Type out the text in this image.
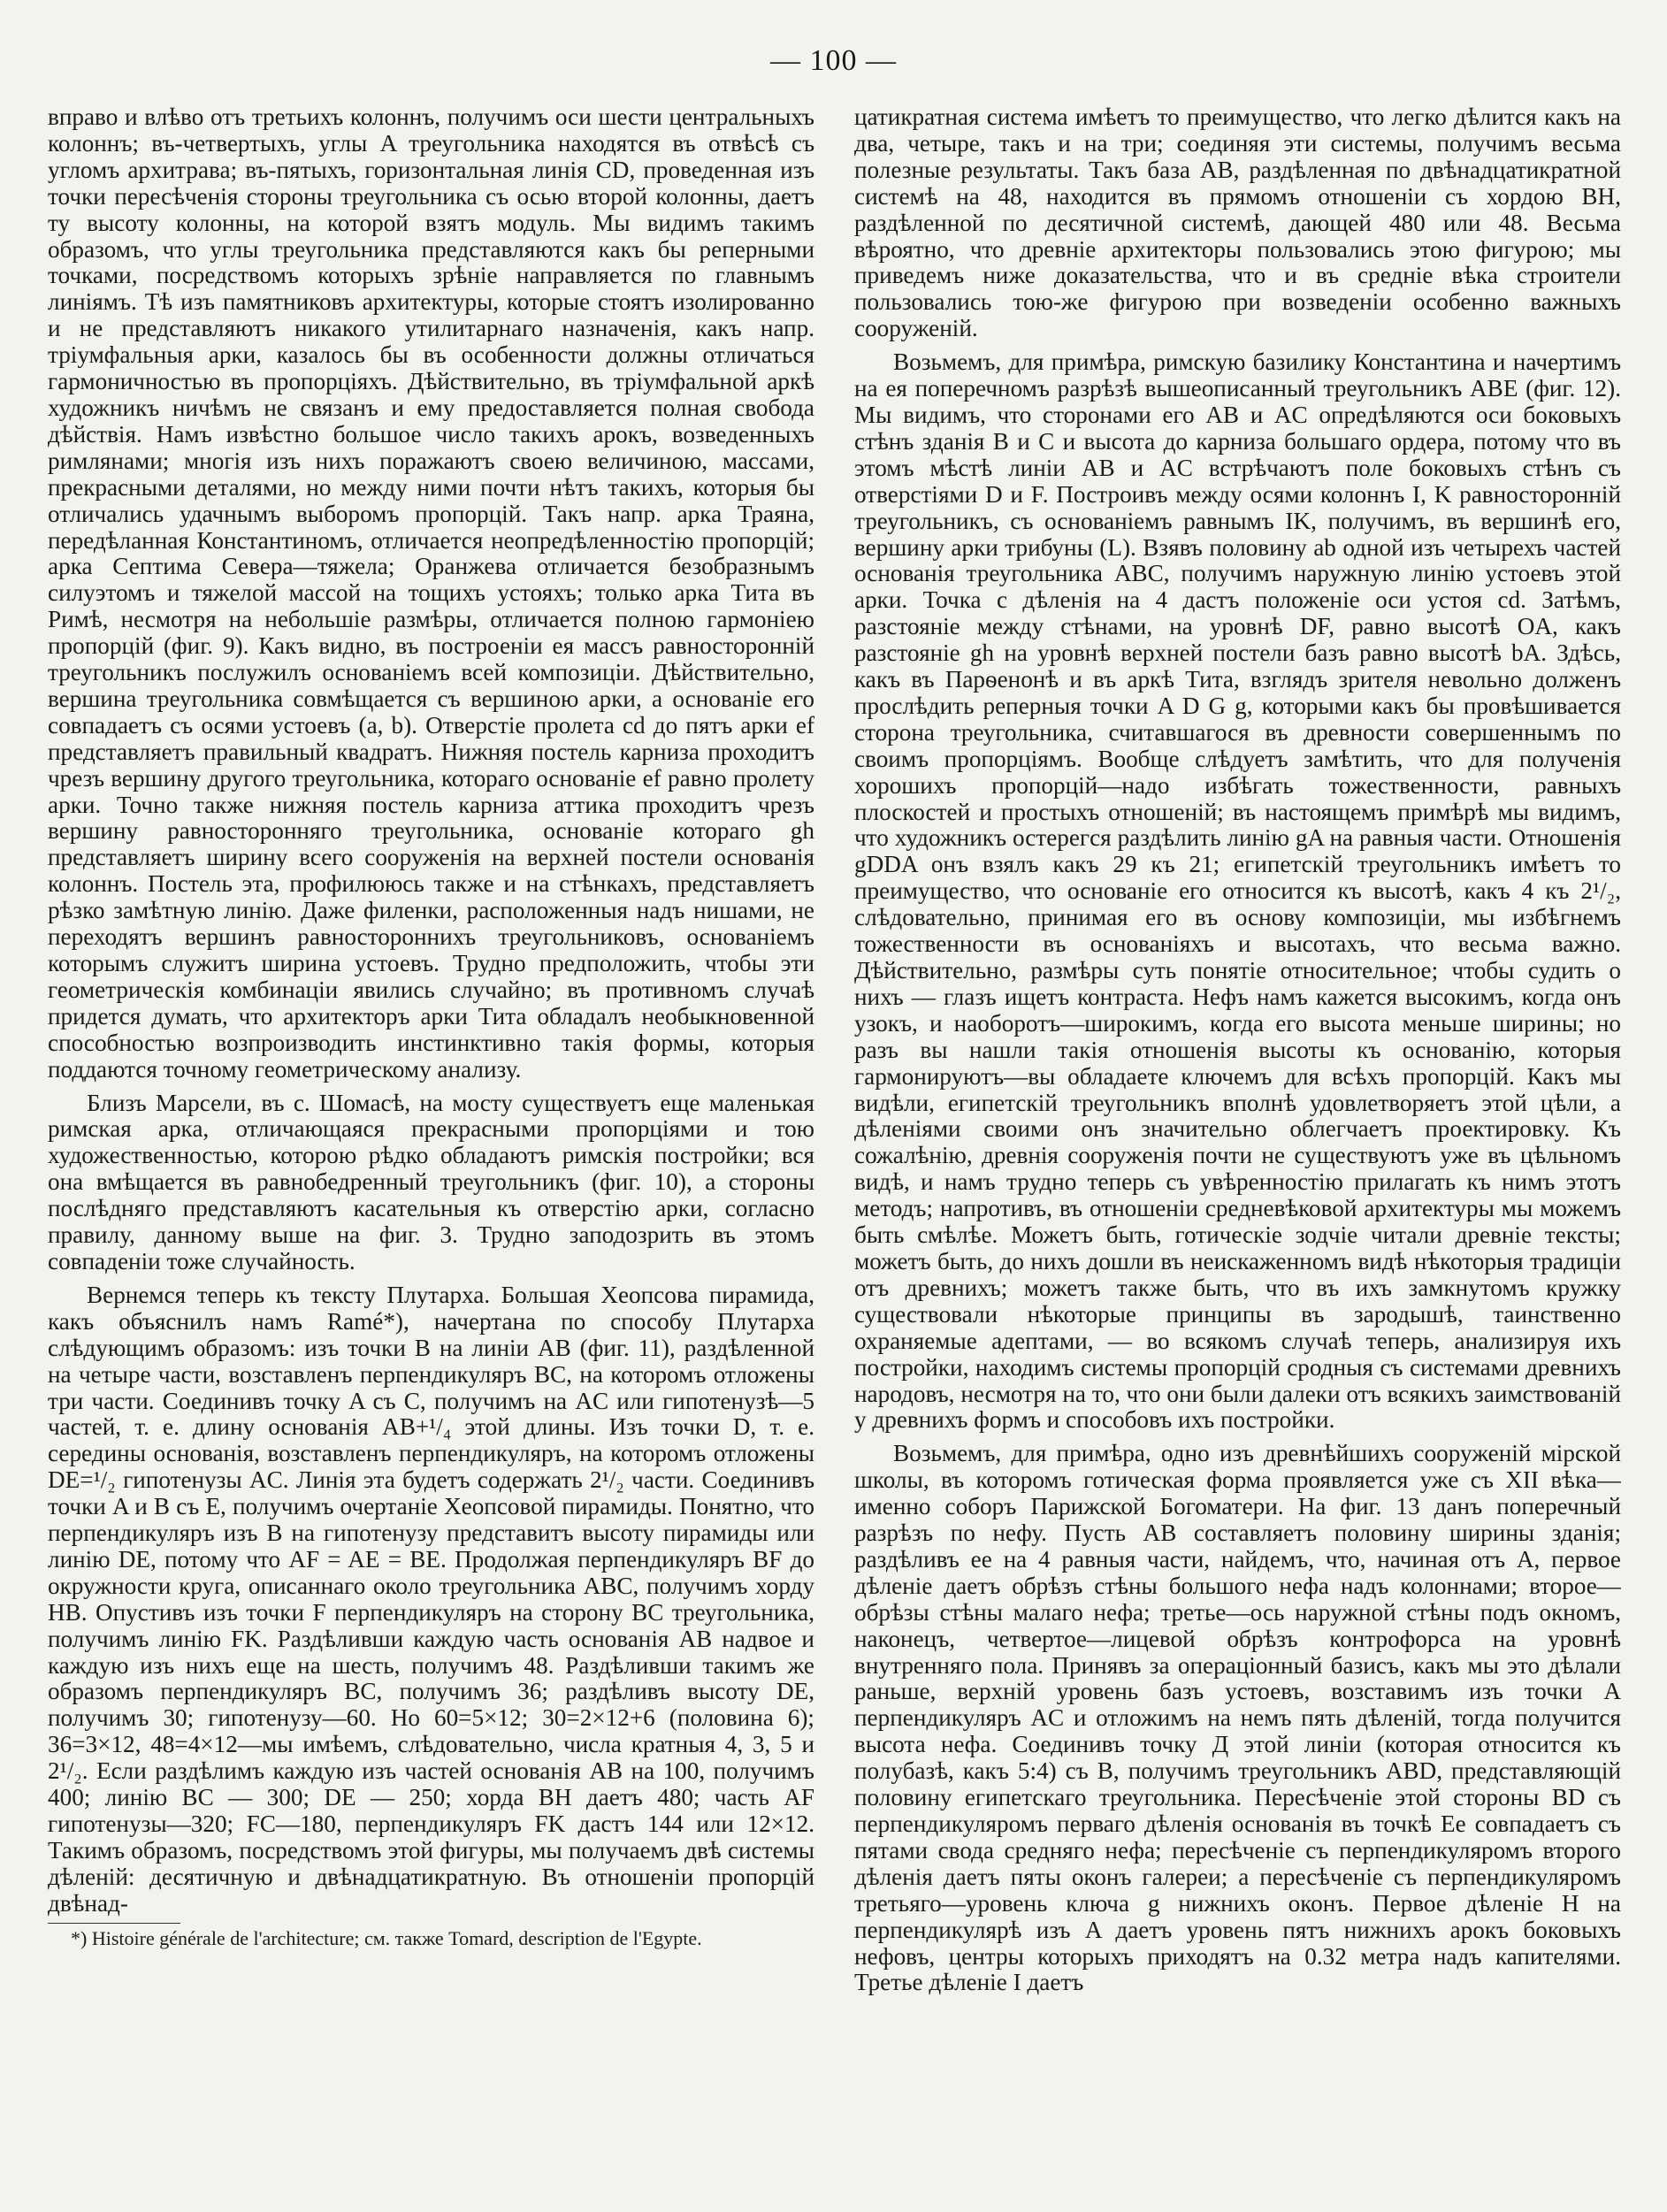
— 100 —

вправо и влѣво отъ третьихъ колоннъ, получимъ оси шести центральныхъ колоннъ; въ-четвертыхъ, углы A треугольника находятся въ отвѣсѣ съ угломъ архитрава; въ-пятыхъ, горизонтальная линія CD, проведенная изъ точки пересѣченія стороны треугольника съ осью второй колонны, даетъ ту высоту колонны, на которой взятъ модуль. Мы видимъ такимъ образомъ, что углы треугольника представляются какъ бы реперными точками, посредствомъ которыхъ зрѣніе направляется по главнымъ линіямъ. Тѣ изъ памятниковъ архитектуры, которые стоятъ изолированно и не представляютъ никакого утилитарнаго назначенія, какъ напр. тріумфальныя арки, казалось бы въ особенности должны отличаться гармоничностью въ пропорціяхъ. Дѣйствительно, въ тріумфальной аркѣ художникъ ничѣмъ не связанъ и ему предоставляется полная свобода дѣйствія. Намъ извѣстно большое число такихъ арокъ, возведенныхъ римлянами; многія изъ нихъ поражаютъ своею величиною, массами, прекрасными деталями, но между ними почти нѣтъ такихъ, которыя бы отличались удачнымъ выборомъ пропорцій. Такъ напр. арка Траяна, передѣланная Константиномъ, отличается неопредѣленностію пропорцій; арка Септима Севера—тяжела; Оранжева отличается безобразнымъ силуэтомъ и тяжелой массой на тощихъ устояхъ; только арка Тита въ Римѣ, несмотря на небольшіе размѣры, отличается полною гармоніею пропорцій (фиг. 9). Какъ видно, въ построеніи ея массъ равносторонній треугольникъ послужилъ основаніемъ всей композиціи. Дѣйствительно, вершина треугольника совмѣщается съ вершиною арки, а основаніе его совпадаетъ съ осями устоевъ (a, b). Отверстіе пролета cd до пятъ арки ef представляетъ правильный квадратъ. Нижняя постель карниза проходитъ чрезъ вершину другого треугольника, котораго основаніе ef равно пролету арки. Точно также нижняя постель карниза аттика проходитъ чрезъ вершину равносторонняго треугольника, основаніе котораго gh представляетъ ширину всего сооруженія на верхней постели основанія колоннъ. Постель эта, профилююсь также и на стѣнкахъ, представляетъ рѣзко замѣтную линію. Даже филенки, расположенныя надъ нишами, не переходятъ вершинъ равностороннихъ треугольниковъ, основаніемъ которымъ служитъ ширина устоевъ. Трудно предположить, чтобы эти геометрическія комбинаціи явились случайно; въ противномъ случаѣ придется думать, что архитекторъ арки Тита обладалъ необыкновенной способностью возпроизводить инстинктивно такія формы, которыя поддаются точному геометрическому анализу.

Близъ Марсели, въ с. Шомасѣ, на мосту существуетъ еще маленькая римская арка, отличающаяся прекрасными пропорціями и тою художественностью, которою рѣдко обладаютъ римскія постройки; вся она вмѣщается въ равнобедренный треугольникъ (фиг. 10), а стороны послѣдняго представляютъ касательныя къ отверстію арки, согласно правилу, данному выше на фиг. 3. Трудно заподозрить въ этомъ совпаденіи тоже случайность.

Вернемся теперь къ тексту Плутарха. Большая Хеопсова пирамида, какъ объяснилъ намъ Ramé*), начертана по способу Плутарха слѣдующимъ образомъ: изъ точки B на линіи AB (фиг. 11), раздѣленной на четыре части, возставленъ перпендикуляръ BC, на которомъ отложены три части. Соединивъ точку A съ C, получимъ на AC или гипотенузѣ—5 частей, т. е. длину основанія AB+¹/₄ этой длины. Изъ точки D, т. е. середины основанія, возставленъ перпендикуляръ, на которомъ отложены DE=¹/₂ гипотенузы AC. Линія эта будетъ содержать 2¹/₂ части. Соединивъ точки A и B съ E, получимъ очертаніе Хеопсовой пирамиды. Понятно, что перпендикуляръ изъ B на гипотенузу представитъ высоту пирамиды или линію DE, потому что AF = AE = BE. Продолжая перпендикуляръ BF до окружности круга, описаннаго около треугольника ABC, получимъ хорду HB. Опустивъ изъ точки F перпендикуляръ на сторону BC треугольника, получимъ линію FK. Раздѣливши каждую часть основанія AB надвое и каждую изъ нихъ еще на шесть, получимъ 48. Раздѣливши такимъ же образомъ перпендикуляръ BC, получимъ 36; раздѣливъ высоту DE, получимъ 30; гипотенузу—60. Но 60=5×12; 30=2×12+6 (половина 6); 36=3×12, 48=4×12—мы имѣемъ, слѣдовательно, числа кратныя 4, 3, 5 и 2¹/₂. Если раздѣлимъ каждую изъ частей основанія AB на 100, получимъ 400; линію BC — 300; DE — 250; хорда BH даетъ 480; часть AF гипотенузы—320; FC—180, перпендикуляръ FK дастъ 144 или 12×12. Такимъ образомъ, посредствомъ этой фигуры, мы получаемъ двѣ системы дѣленій: десятичную и двѣнадцатикратную. Въ отношеніи пропорцій двѣнад-

*) Histoire générale de l'architecture; см. также Tomard, description de l'Egypte.

цатикратная система имѣетъ то преимущество, что легко дѣлится какъ на два, четыре, такъ и на три; соединяя эти системы, получимъ весьма полезные результаты. Такъ база AB, раздѣленная по двѣнадцатикратной системѣ на 48, находится въ прямомъ отношеніи съ хордою BH, раздѣленной по десятичной системѣ, дающей 480 или 48. Весьма вѣроятно, что древніе архитекторы пользовались этою фигурою; мы приведемъ ниже доказательства, что и въ средніе вѣка строители пользовались тою-же фигурою при возведеніи особенно важныхъ сооруженій.

Возьмемъ, для примѣра, римскую базилику Константина и начертимъ на ея поперечномъ разрѣзѣ вышеописанный треугольникъ ABE (фиг. 12). Мы видимъ, что сторонами его AB и AC опредѣляются оси боковыхъ стѣнъ зданія B и C и высота до карниза большаго ордера, потому что въ этомъ мѣстѣ линіи AB и AC встрѣчаютъ поле боковыхъ стѣнъ съ отверстіями D и F. Построивъ между осями колоннъ I, K равносторонній треугольникъ, съ основаніемъ равнымъ IK, получимъ, въ вершинѣ его, вершину арки трибуны (L). Взявъ половину ab одной изъ четырехъ частей основанія треугольника ABC, получимъ наружную линію устоевъ этой арки. Точка c дѣленія на 4 дастъ положеніе оси устоя cd. Затѣмъ, разстояніе между стѣнами, на уровнѣ DF, равно высотѣ OA, какъ разстояніе gh на уровнѣ верхней постели базъ равно высотѣ bA. Здѣсь, какъ въ Парѳенонѣ и въ аркѣ Тита, взглядъ зрителя невольно долженъ прослѣдить реперныя точки A D G g, которыми какъ бы провѣшивается сторона треугольника, считавшагося въ древности совершеннымъ по своимъ пропорціямъ. Вообще слѣдуетъ замѣтить, что для полученія хорошихъ пропорцій—надо избѣгать тожественности, равныхъ плоскостей и простыхъ отношеній; въ настоящемъ примѣрѣ мы видимъ, что художникъ остерегся раздѣлить линію gA на равныя части. Отношенія gDDA онъ взялъ какъ 29 къ 21; египетскій треугольникъ имѣетъ то преимущество, что основаніе его относится къ высотѣ, какъ 4 къ 2¹/₂, слѣдовательно, принимая его въ основу композиціи, мы избѣгнемъ тожественности въ основаніяхъ и высотахъ, что весьма важно. Дѣйствительно, размѣры суть понятіе относительное; чтобы судить о нихъ — глазъ ищетъ контраста. Нефъ намъ кажется высокимъ, когда онъ узокъ, и наоборотъ—широкимъ, когда его высота меньше ширины; но разъ вы нашли такія отношенія высоты къ основанію, которыя гармонируютъ—вы обладаете ключемъ для всѣхъ пропорцій. Какъ мы видѣли, египетскій треугольникъ вполнѣ удовлетворяетъ этой цѣли, а дѣленіями своими онъ значительно облегчаетъ проектировку. Къ сожалѣнію, древнія сооруженія почти не существуютъ уже въ цѣльномъ видѣ, и намъ трудно теперь съ увѣренностію прилагать къ нимъ этотъ методъ; напротивъ, въ отношеніи средневѣковой архитектуры мы можемъ быть смѣлѣе. Можетъ быть, готическіе зодчіе читали древніе тексты; можетъ быть, до нихъ дошли въ неискаженномъ видѣ нѣкоторыя традиціи отъ древнихъ; можетъ также быть, что въ ихъ замкнутомъ кружку существовали нѣкоторые принципы въ зародышѣ, таинственно охраняемые адептами, — во всякомъ случаѣ теперь, анализируя ихъ постройки, находимъ системы пропорцій сродныя съ системами древнихъ народовъ, несмотря на то, что они были далеки отъ всякихъ заимствованій у древнихъ формъ и способовъ ихъ постройки.

Возьмемъ, для примѣра, одно изъ древнѣйшихъ сооруженій мірской школы, въ которомъ готическая форма проявляется уже съ XII вѣка—именно соборъ Парижской Богоматери. На фиг. 13 данъ поперечный разрѣзъ по нефу. Пусть AB составляетъ половину ширины зданія; раздѣливъ ее на 4 равныя части, найдемъ, что, начиная отъ A, первое дѣленіе даетъ обрѣзъ стѣны большого нефа надъ колоннами; второе—обрѣзы стѣны малаго нефа; третье—ось наружной стѣны подъ окномъ, наконецъ, четвертое—лицевой обрѣзъ контрофорса на уровнѣ внутренняго пола. Принявъ за операціонный базисъ, какъ мы это дѣлали раньше, верхній уровень базъ устоевъ, возставимъ изъ точки A перпендикуляръ AC и отложимъ на немъ пять дѣленій, тогда получится высота нефа. Соединивъ точку Д этой линіи (которая относится къ полубазѣ, какъ 5:4) съ B, получимъ треугольникъ ABD, представляющій половину египетскаго треугольника. Пересѣченіе этой стороны BD съ перпендикуляромъ перваго дѣленія основанія въ точкѣ Ee совпадаетъ съ пятами свода средняго нефа; пересѣченіе съ перпендикуляромъ второго дѣленія даетъ пяты оконъ галереи; а пересѣченіе съ перпендикуляромъ третьяго—уровень ключа g нижнихъ оконъ. Первое дѣленіе H на перпендикулярѣ изъ A даетъ уровень пятъ нижнихъ арокъ боковыхъ нефовъ, центры которыхъ приходятъ на 0.32 метра надъ капителями. Третье дѣленіе I даетъ
